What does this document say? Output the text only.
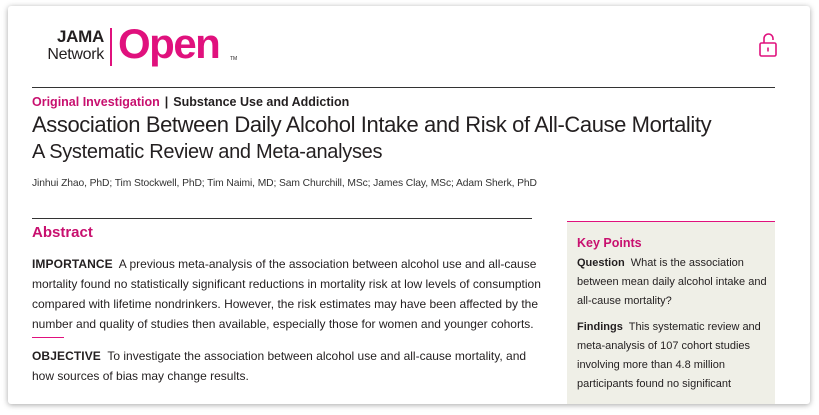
JAMA
Network Open TM
Original Investigation | Substance Use and Addiction
Association Between Daily Alcohol Intake and Risk of All-Cause Mortality
A Systematic Review and Meta-analyses
Jinhui Zhao, PhD; Tim Stockwell, PhD; Tim Naimi, MD; Sam Churchill, MSc; James Clay, MSc; Adam Sherk, PhD
Abstract
IMPORTANCE A previous meta-analysis of the association between alcohol use and all-cause mortality found no statistically significant reductions in mortality risk at low levels of consumption compared with lifetime nondrinkers. However, the risk estimates may have been affected by the number and quality of studies then available, especially those for women and younger cohorts.
OBJECTIVE To investigate the association between alcohol use and all-cause mortality, and how sources of bias may change results.
Key Points
Question What is the association between mean daily alcohol intake and all-cause mortality?
Findings This systematic review and meta-analysis of 107 cohort studies involving more than 4.8 million participants found no significant
